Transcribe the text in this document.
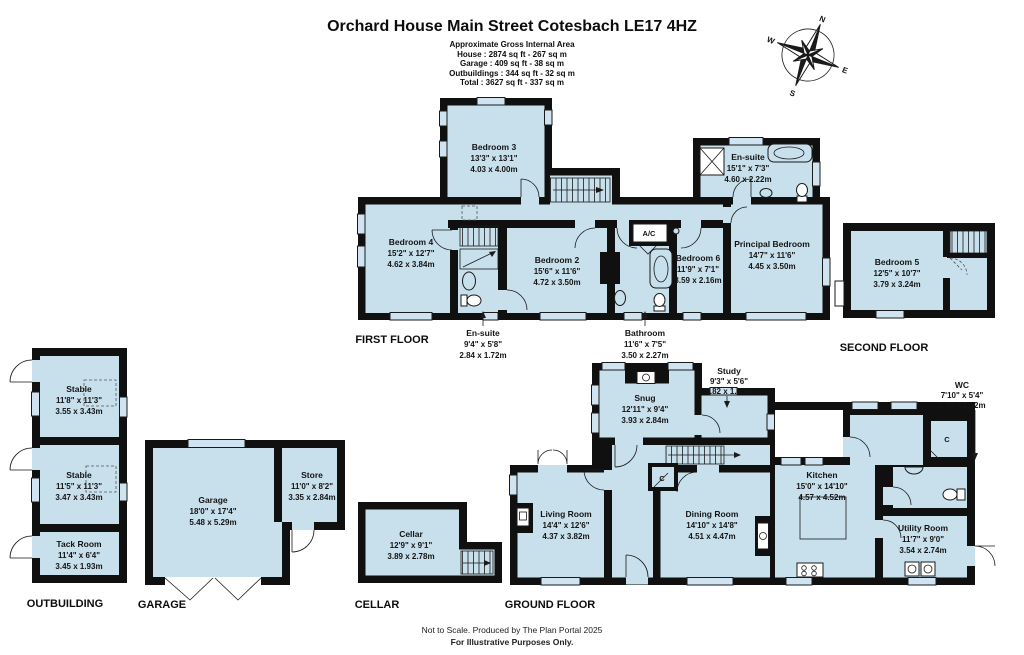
Orchard House Main Street Cotesbach LE17 4HZ
Approximate Gross Internal Area
House : 2874 sq ft - 267 sq m
Garage : 409 sq ft - 38 sq m
Outbuildings : 344 sq ft - 32 sq m
Total : 3627 sq ft - 337 sq m
N
E
S
W
Bedroom 3
13'3" x 13'1"
4.03 x 4.00m
Bedroom 4
15'2" x 12'7"
4.62 x 3.84m	Bedroom 2
15'6" x 11'6"
4.72 x 3.50m
Bedroom 6
11'9" x 7'1"
3.59 x 2.16m
Principal Bedroom
14'7" x 11'6"
4.45 x 3.50m
En-suite
15'1" x 7'3"
4.60 x 2.22m
A/C
En-suite
9'4" x 5'8"
2.84 x 1.72m
Bathroom
11'6" x 7'5"
3.50 x 2.27m
FIRST FLOOR
Bedroom 5
12'5" x 10'7"
3.79 x 3.24m
SECOND FLOOR
Stable
11'8" x 11'3"
3.55 x 3.43m
Stable
11'5" x 11'3"
3.47 x 3.43m
Tack Room
11'4" x 6'4"
3.45 x 1.93m
OUTBUILDING
Garage
18'0" x 17'4"
5.48 x 5.29m
Store
11'0" x 8'2"
3.35 x 2.84m
GARAGE
Cellar
12'9" x 9'1"
3.89 x 2.78m
CELLAR
C
C
Snug
12'11" x 9'4"
3.93 x 2.84m
Study
9'3" x 5'6"
2.82 x 1.68m
Living Room
14'4" x 12'6"
4.37 x 3.82m
Dining Room
14'10" x 14'8"
4.51 x 4.47m
Kitchen
15'0" x 14'10"
4.57 x 4.52m
Utility Room
11'7" x 9'0"
3.54 x 2.74m
WC
7'10" x 5'4"
2.38 x 1.62m
GROUND FLOOR
Not to Scale. Produced by The Plan Portal 2025
For Illustrative Purposes Only.
